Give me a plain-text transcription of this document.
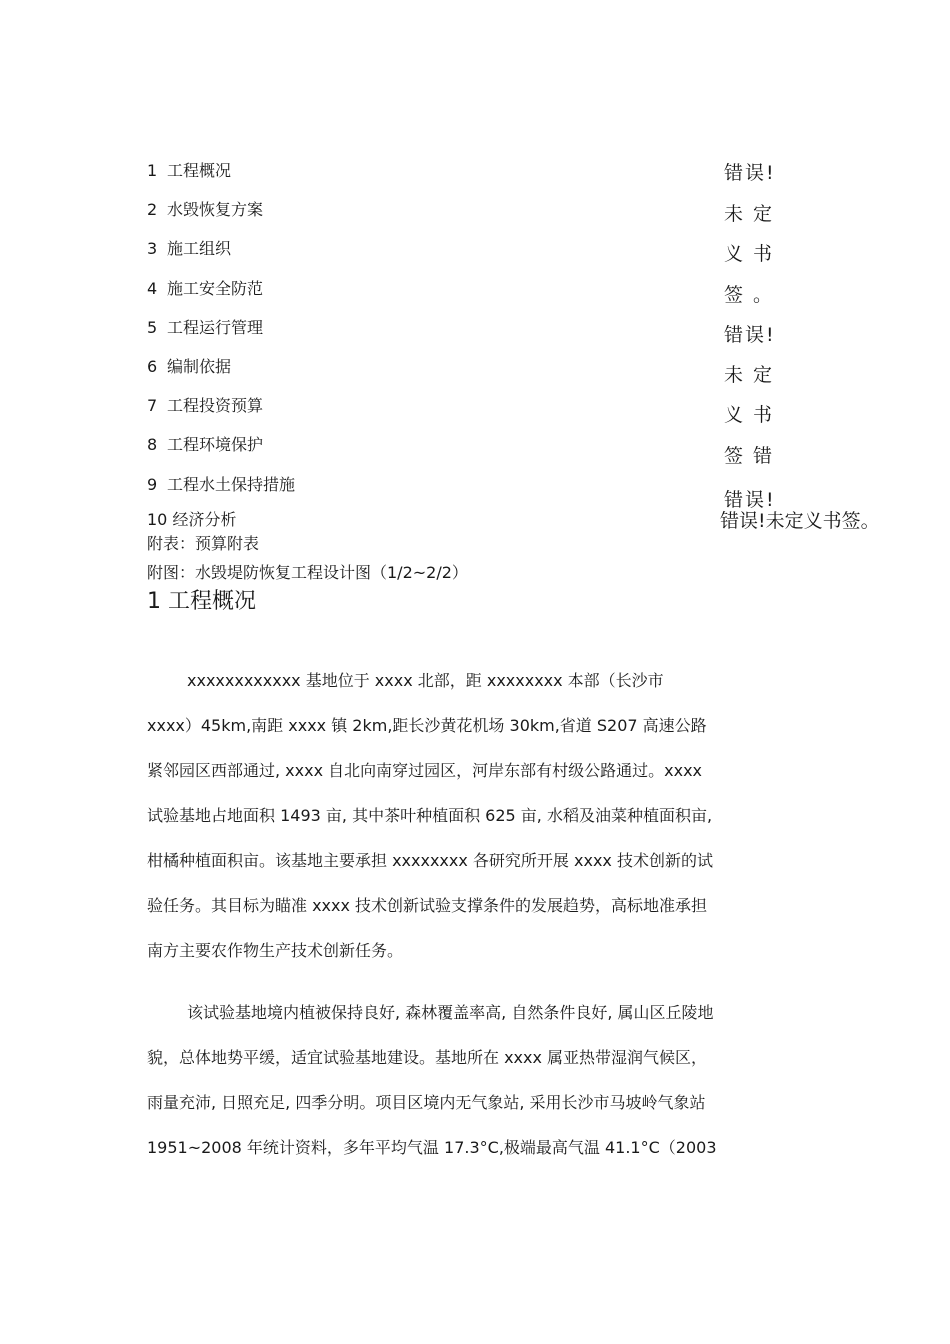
1 工程概况
2 水毁恢复方案
3 施工组织
4 施工安全防范
5 工程运行管理
6 编制依据
7 工程投资预算
8 工程环境保护
9 工程水土保持措施
错误!
未 定
义 书
签 。
错误!
未 定
义 书
签 错
错误!
10 经济分析	错误!未定义书签。
附表：预算附表
附图：水毁堤防恢复工程设计图（1/2~2/2）
1 工程概况
xxxxxxxxxxxx 基地位于 xxxx 北部，距 xxxxxxxx 本部（长沙市
xxxx）45km,南距 xxxx 镇 2km,距长沙黄花机场 30km,省道 S207 高速公路
紧邻园区西部通过, xxxx 自北向南穿过园区，河岸东部有村级公路通过。xxxx
试验基地占地面积 1493 亩, 其中茶叶种植面积 625 亩, 水稻及油菜种植面积亩,
柑橘种植面积亩。该基地主要承担 xxxxxxxx 各研究所开展 xxxx 技术创新的试
验任务。其目标为瞄准 xxxx 技术创新试验支撑条件的发展趋势，高标地准承担
南方主要农作物生产技术创新任务。
该试验基地境内植被保持良好, 森林覆盖率高, 自然条件良好, 属山区丘陵地
貌，总体地势平缓，适宜试验基地建设。基地所在 xxxx 属亚热带湿润气候区，
雨量充沛, 日照充足, 四季分明。项目区境内无气象站, 采用长沙市马坡岭气象站
1951~2008 年统计资料，多年平均气温 17.3°C,极端最高气温 41.1°C（2003
